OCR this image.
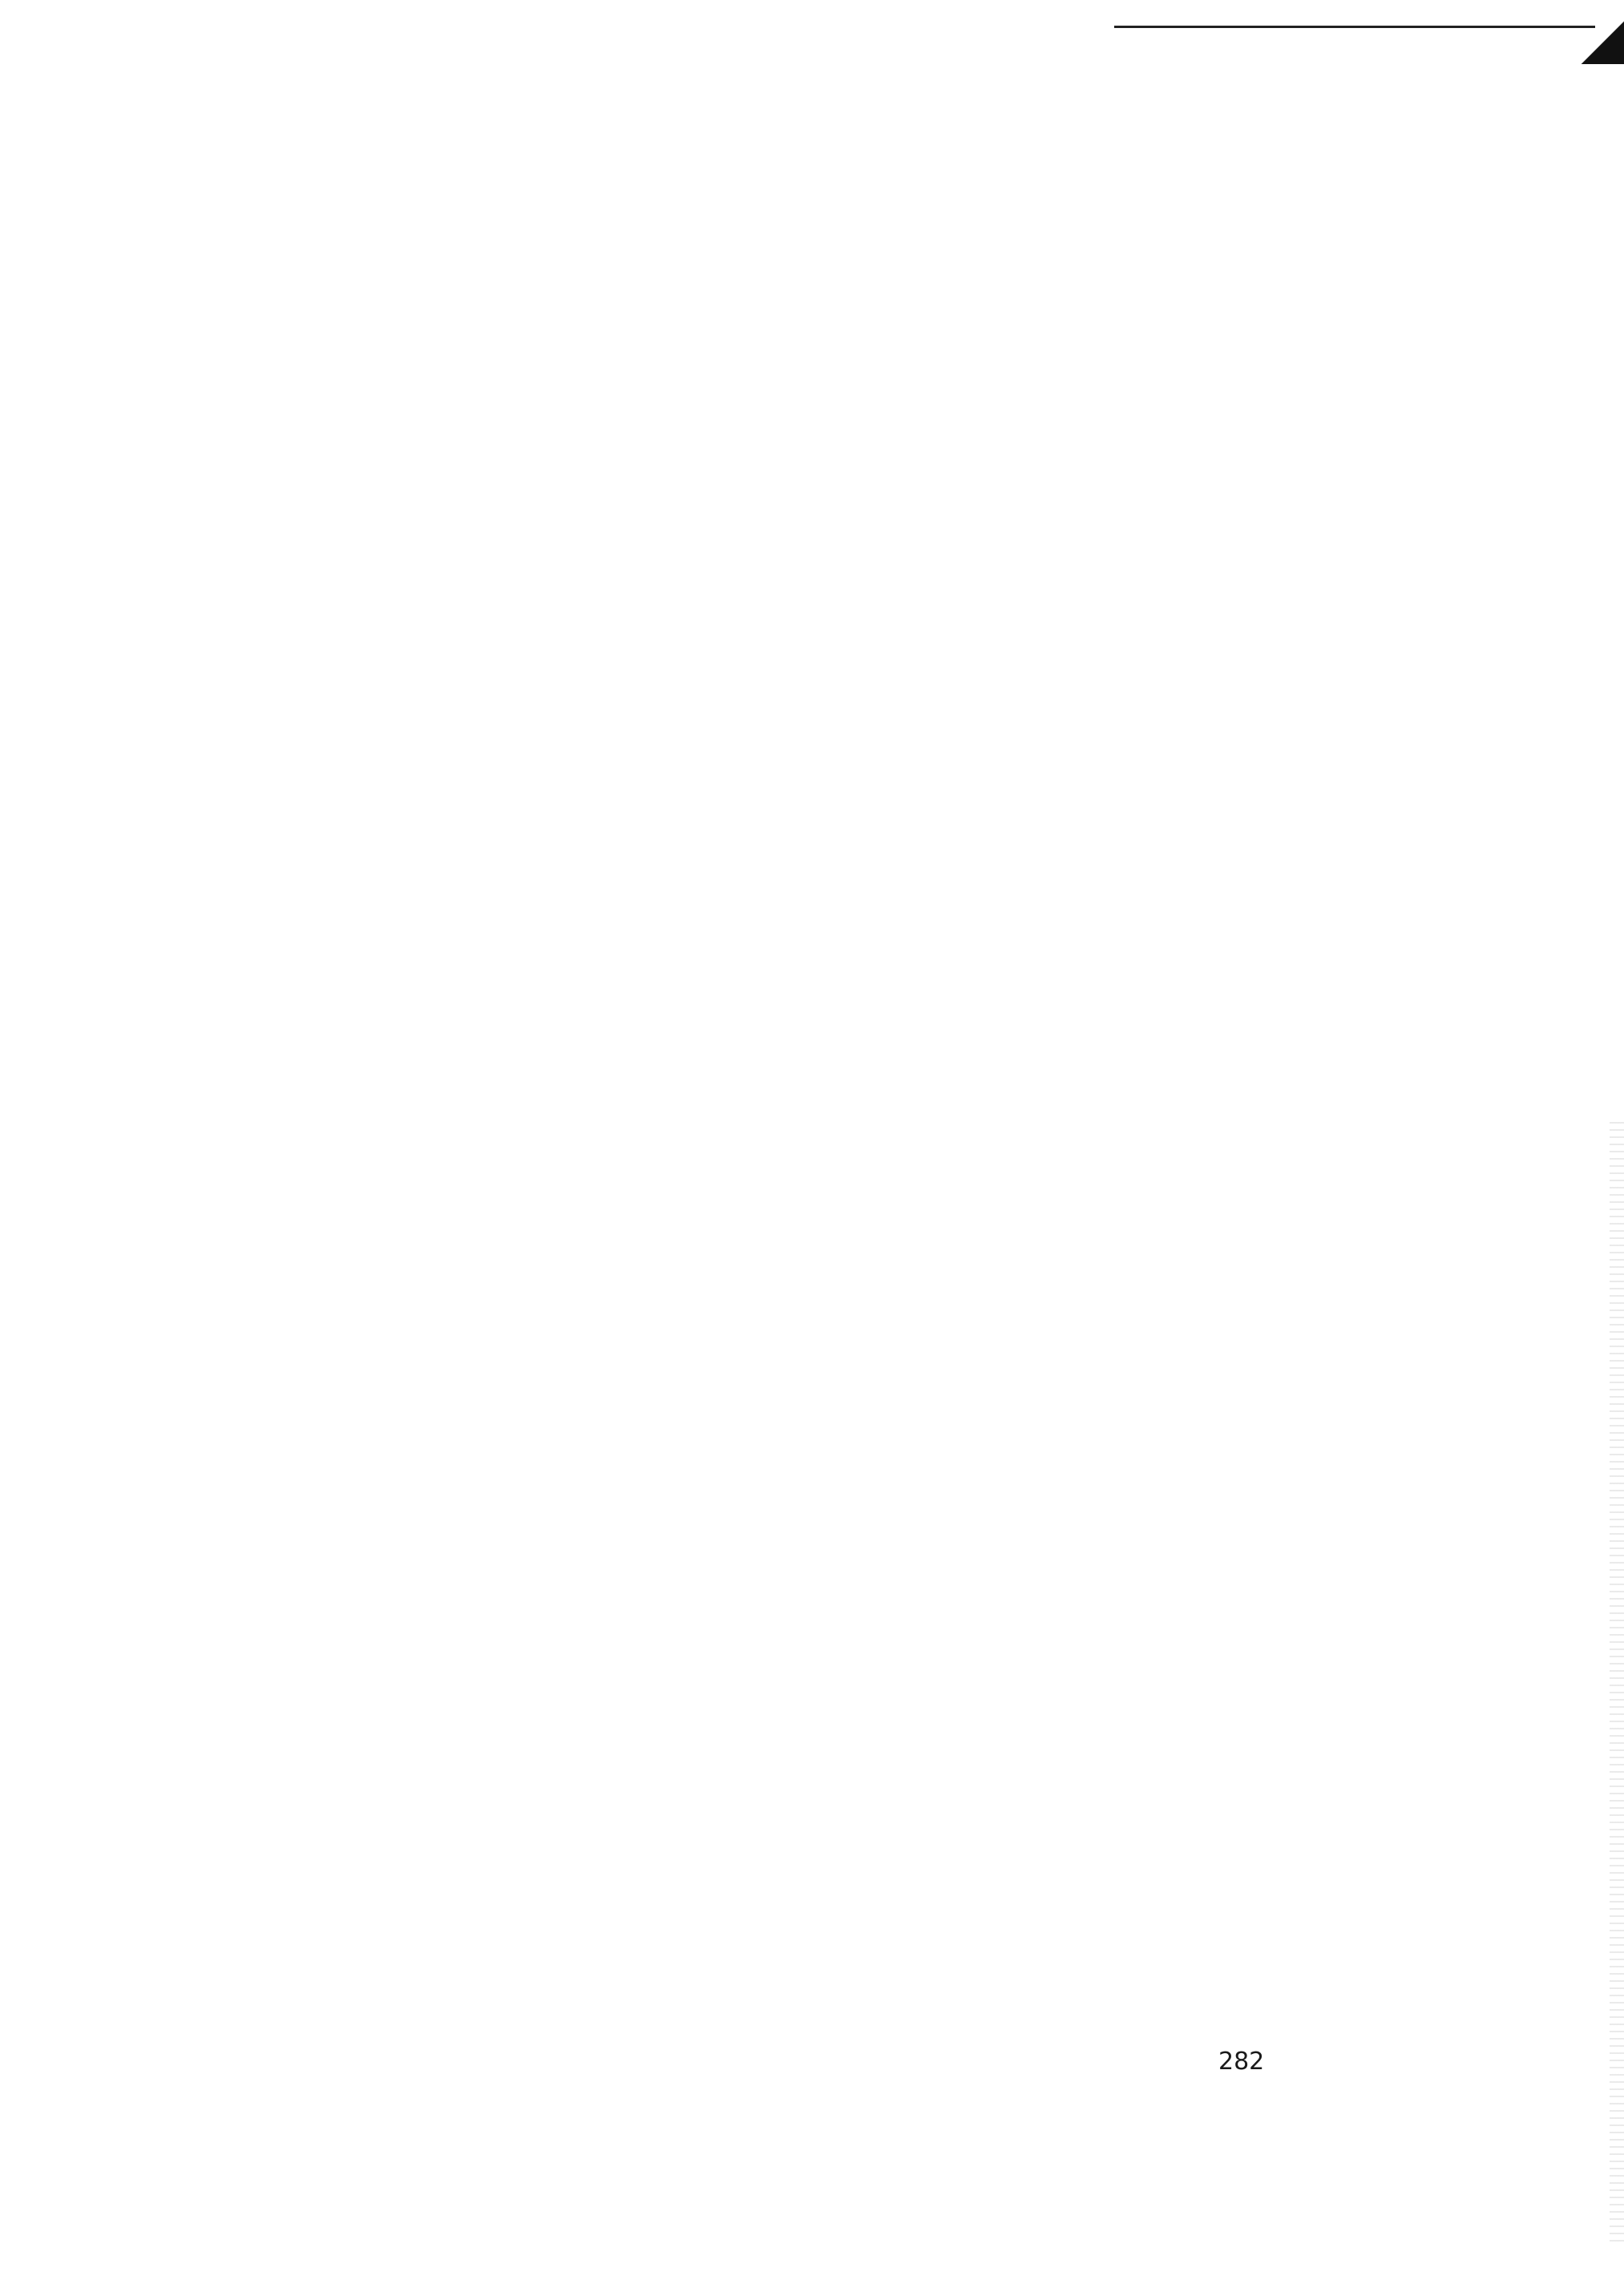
282
